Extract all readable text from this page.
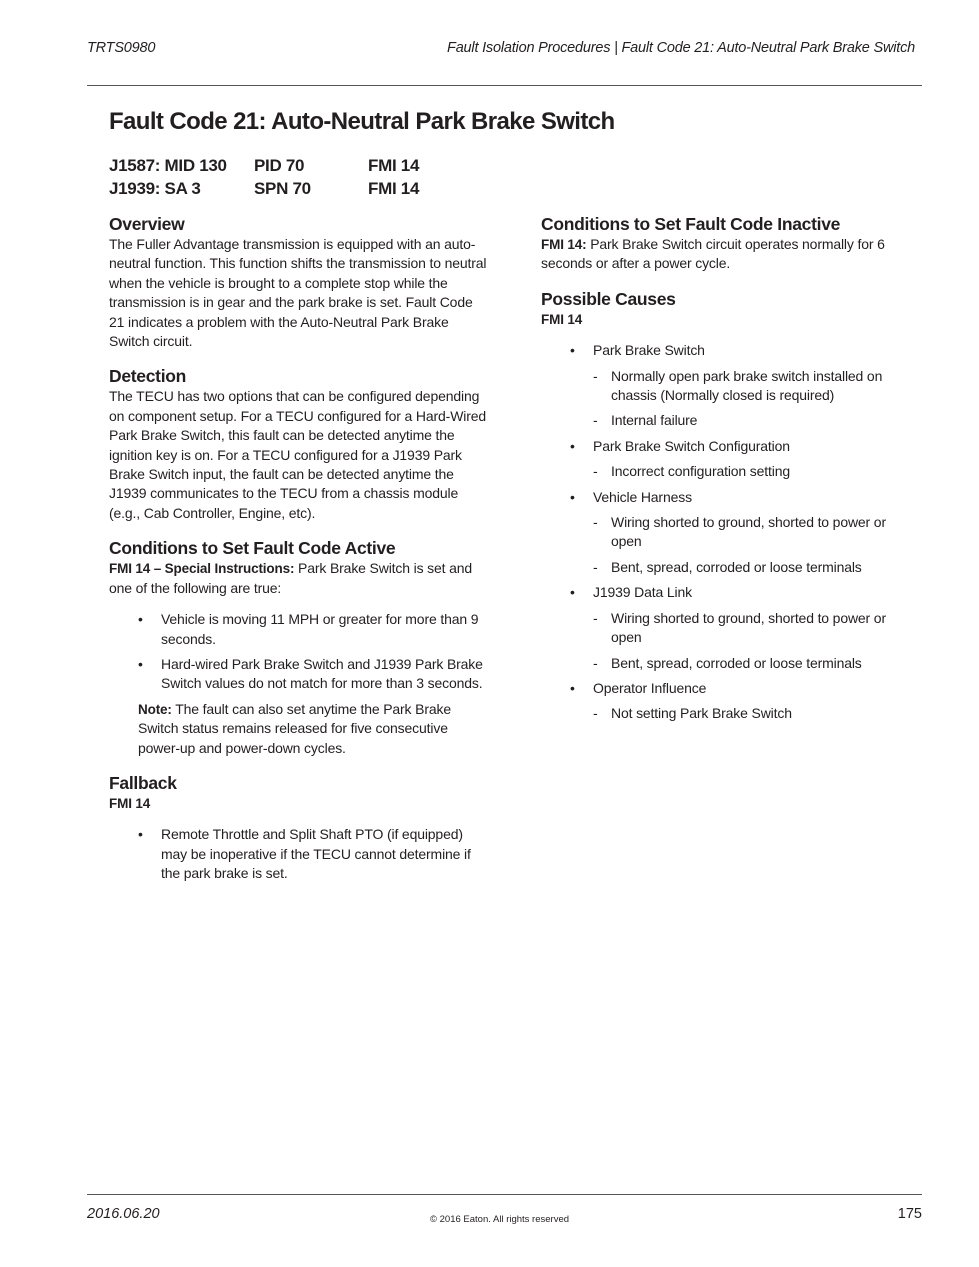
TRTS0980	Fault Isolation Procedures | Fault Code 21: Auto-Neutral Park Brake Switch
Fault Code 21: Auto-Neutral Park Brake Switch
J1587: MID 130	PID 70	FMI 14
J1939: SA 3	SPN 70	FMI 14
Overview

The Fuller Advantage transmission is equipped with an auto-neutral function. This function shifts the transmission to neutral when the vehicle is brought to a complete stop while the transmission is in gear and the park brake is set. Fault Code 21 indicates a problem with the Auto-Neutral Park Brake Switch circuit.

Detection

The TECU has two options that can be configured depending on component setup. For a TECU configured for a Hard-Wired Park Brake Switch, this fault can be detected anytime the ignition key is on. For a TECU configured for a J1939 Park Brake Switch input, the fault can be detected anytime the J1939 communicates to the TECU from a chassis module (e.g., Cab Controller, Engine, etc).

Conditions to Set Fault Code Active

FMI 14 – Special Instructions: Park Brake Switch is set and one of the following are true:

• Vehicle is moving 11 MPH or greater for more than 9 seconds.
• Hard-wired Park Brake Switch and J1939 Park Brake Switch values do not match for more than 3 seconds.

Note: The fault can also set anytime the Park Brake Switch status remains released for five consecutive power-up and power-down cycles.

Fallback
FMI 14
• Remote Throttle and Split Shaft PTO (if equipped) may be inoperative if the TECU cannot determine if the park brake is set.
Conditions to Set Fault Code Inactive

FMI 14: Park Brake Switch circuit operates normally for 6 seconds or after a power cycle.

Possible Causes
FMI 14
• Park Brake Switch
- Normally open park brake switch installed on chassis (Normally closed is required)
- Internal failure
• Park Brake Switch Configuration
- Incorrect configuration setting
• Vehicle Harness
- Wiring shorted to ground, shorted to power or open
- Bent, spread, corroded or loose terminals
• J1939 Data Link
- Wiring shorted to ground, shorted to power or open
- Bent, spread, corroded or loose terminals
• Operator Influence
- Not setting Park Brake Switch
2016.06.20	© 2016 Eaton. All rights reserved	175
